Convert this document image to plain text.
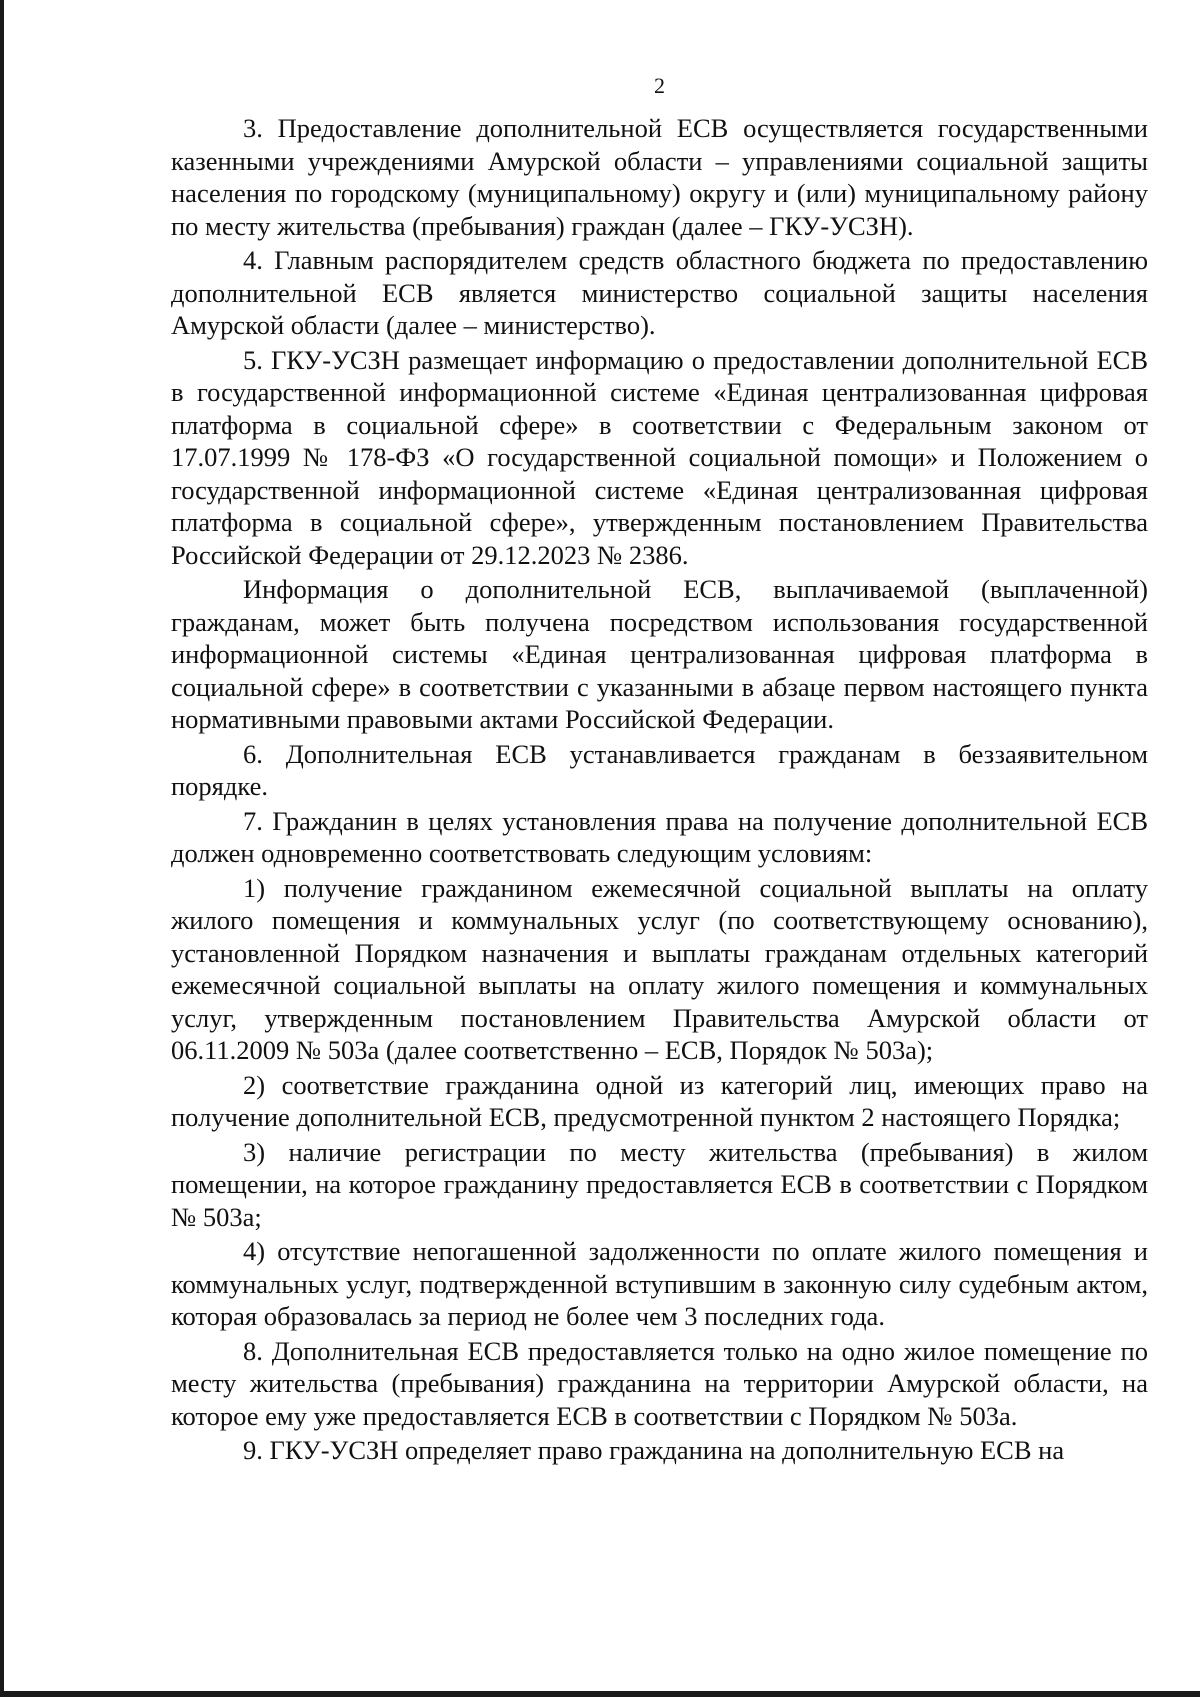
2

3. Предоставление дополнительной ЕСВ осуществляется государственными казенными учреждениями Амурской области – управлениями социальной защиты населения по городскому (муниципальному) округу и (или) муниципальному району по месту жительства (пребывания) граждан (далее – ГКУ-УСЗН).

4. Главным распорядителем средств областного бюджета по предоставлению дополнительной ЕСВ является министерство социальной защиты населения Амурской области (далее – министерство).

5. ГКУ-УСЗН размещает информацию о предоставлении дополнительной ЕСВ в государственной информационной системе «Единая централизованная цифровая платформа в социальной сфере» в соответствии с Федеральным законом от 17.07.1999 № 178-ФЗ «О государственной социальной помощи» и Положением о государственной информационной системе «Единая централизованная цифровая платформа в социальной сфере», утвержденным постановлением Правительства Российской Федерации от 29.12.2023 № 2386.

Информация о дополнительной ЕСВ, выплачиваемой (выплаченной) гражданам, может быть получена посредством использования государственной информационной системы «Единая централизованная цифровая платформа в социальной сфере» в соответствии с указанными в абзаце первом настоящего пункта нормативными правовыми актами Российской Федерации.

6. Дополнительная ЕСВ устанавливается гражданам в беззаявительном порядке.

7. Гражданин в целях установления права на получение дополнительной ЕСВ должен одновременно соответствовать следующим условиям:

1) получение гражданином ежемесячной социальной выплаты на оплату жилого помещения и коммунальных услуг (по соответствующему основанию), установленной Порядком назначения и выплаты гражданам отдельных категорий ежемесячной социальной выплаты на оплату жилого помещения и коммунальных услуг, утвержденным постановлением Правительства Амурской области от 06.11.2009 № 503а (далее соответственно – ЕСВ, Порядок № 503а);

2) соответствие гражданина одной из категорий лиц, имеющих право на получение дополнительной ЕСВ, предусмотренной пунктом 2 настоящего Порядка;

3) наличие регистрации по месту жительства (пребывания) в жилом помещении, на которое гражданину предоставляется ЕСВ в соответствии с Порядком № 503а;

4) отсутствие непогашенной задолженности по оплате жилого помещения и коммунальных услуг, подтвержденной вступившим в законную силу судебным актом, которая образовалась за период не более чем 3 последних года.

8. Дополнительная ЕСВ предоставляется только на одно жилое помещение по месту жительства (пребывания) гражданина на территории Амурской области, на которое ему уже предоставляется ЕСВ в соответствии с Порядком № 503а.

9. ГКУ-УСЗН определяет право гражданина на дополнительную ЕСВ на
